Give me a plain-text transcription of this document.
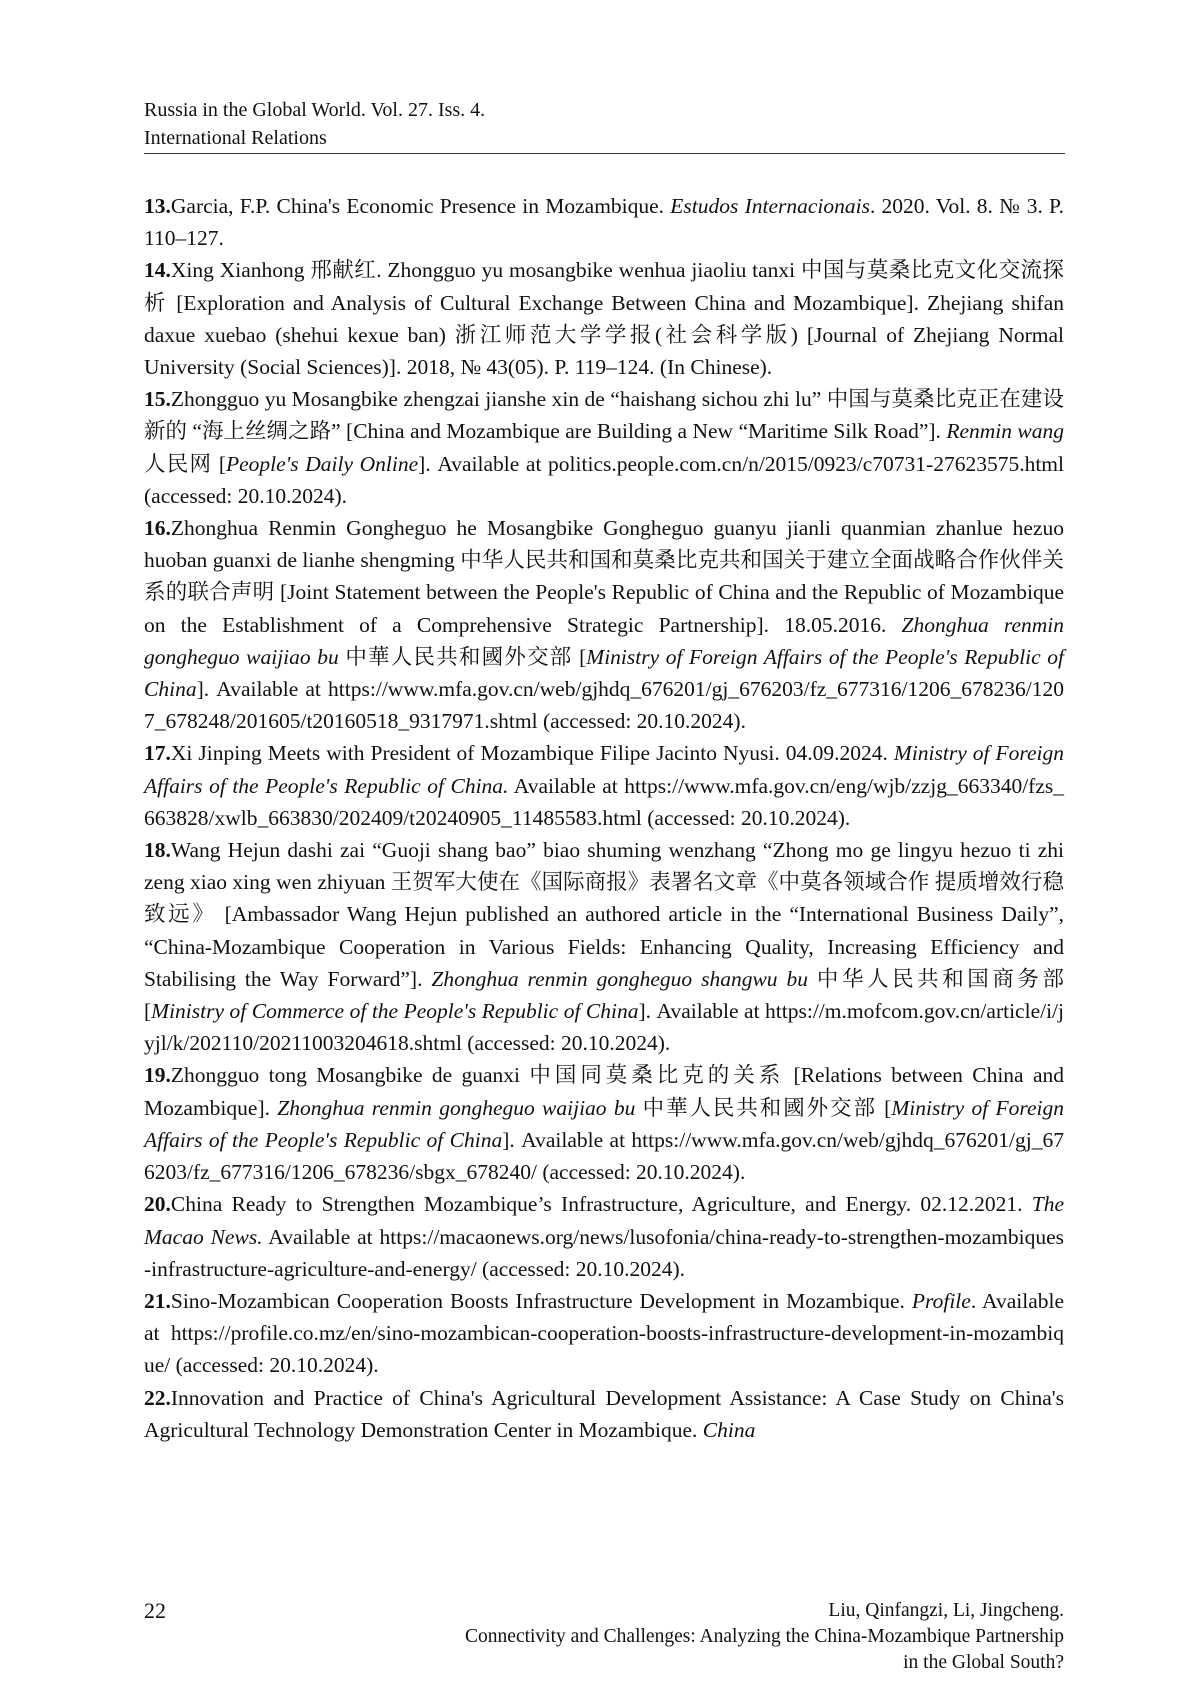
Russia in the Global World. Vol. 27. Iss. 4.
International Relations

13.Garcia, F.P. China's Economic Presence in Mozambique. Estudos Internacionais. 2020. Vol. 8. № 3. P. 110–127.

14.Xing Xianhong 邢献红. Zhongguo yu mosangbike wenhua jiaoliu tanxi 中国与莫桑比克文化交流探析 [Exploration and Analysis of Cultural Exchange Between China and Mozambique]. Zhejiang shifan daxue xuebao (shehui kexue ban) 浙江师范大学学报(社会科学版) [Journal of Zhejiang Normal University (Social Sciences)]. 2018, № 43(05). P. 119–124. (In Chinese).

15.Zhongguo yu Mosangbike zhengzai jianshe xin de “haishang sichou zhi lu” 中国与莫桑比克正在建设新的 “海上丝绸之路” [China and Mozambique are Building a New “Maritime Silk Road”]. Renmin wang 人民网 [People's Daily Online]. Available at politics.people.com.cn/n/2015/0923/c70731-27623575.html (accessed: 20.10.2024).

16.Zhonghua Renmin Gongheguo he Mosangbike Gongheguo guanyu jianli quanmian zhanlue hezuo huoban guanxi de lianhe shengming 中华人民共和国和莫桑比克共和国关于建立全面战略合作伙伴关系的联合声明 [Joint Statement between the People's Republic of China and the Republic of Mozambique on the Establishment of a Comprehensive Strategic Partnership]. 18.05.2016. Zhonghua renmin gongheguo waijiao bu 中華人民共和國外交部 [Ministry of Foreign Affairs of the People's Republic of China]. Available at https://www.mfa.gov.cn/web/gjhdq_676201/gj_676203/fz_677316/1206_678236/1207_678248/201605/t20160518_9317971.shtml (accessed: 20.10.2024).

17.Xi Jinping Meets with President of Mozambique Filipe Jacinto Nyusi. 04.09.2024. Ministry of Foreign Affairs of the People's Republic of China. Available at https://www.mfa.gov.cn/eng/wjb/zzjg_663340/fzs_663828/xwlb_663830/202409/t20240905_11485583.html (accessed: 20.10.2024).

18.Wang Hejun dashi zai “Guoji shang bao” biao shuming wenzhang “Zhong mo ge lingyu hezuo ti zhi zeng xiao xing wen zhiyuan 王贺军大使在《国际商报》表署名文章《中莫各领域合作 提质增效行稳致远》 [Ambassador Wang Hejun published an authored article in the “International Business Daily”, “China-Mozambique Cooperation in Various Fields: Enhancing Quality, Increasing Efficiency and Stabilising the Way Forward”]. Zhonghua renmin gongheguo shangwu bu 中华人民共和国商务部 [Ministry of Commerce of the People's Republic of China]. Available at https://m.mofcom.gov.cn/article/i/jyjl/k/202110/20211003204618.shtml (accessed: 20.10.2024).

19.Zhongguo tong Mosangbike de guanxi 中国同莫桑比克的关系 [Relations between China and Mozambique]. Zhonghua renmin gongheguo waijiao bu 中華人民共和國外交部 [Ministry of Foreign Affairs of the People's Republic of China]. Available at https://www.mfa.gov.cn/web/gjhdq_676201/gj_676203/fz_677316/1206_678236/sbgx_678240/ (accessed: 20.10.2024).

20.China Ready to Strengthen Mozambique’s Infrastructure, Agriculture, and Energy. 02.12.2021. The Macao News. Available at https://macaonews.org/news/lusofonia/china-ready-to-strengthen-mozambiques-infrastructure-agriculture-and-energy/ (accessed: 20.10.2024).

21.Sino-Mozambican Cooperation Boosts Infrastructure Development in Mozambique. Profile. Available at https://profile.co.mz/en/sino-mozambican-cooperation-boosts-infrastructure-development-in-mozambique/ (accessed: 20.10.2024).

22.Innovation and Practice of China's Agricultural Development Assistance: A Case Study on China's Agricultural Technology Demonstration Center in Mozambique. China

22	Liu, Qinfangzi, Li, Jingcheng.
Connectivity and Challenges: Analyzing the China-Mozambique Partnership
in the Global South?
